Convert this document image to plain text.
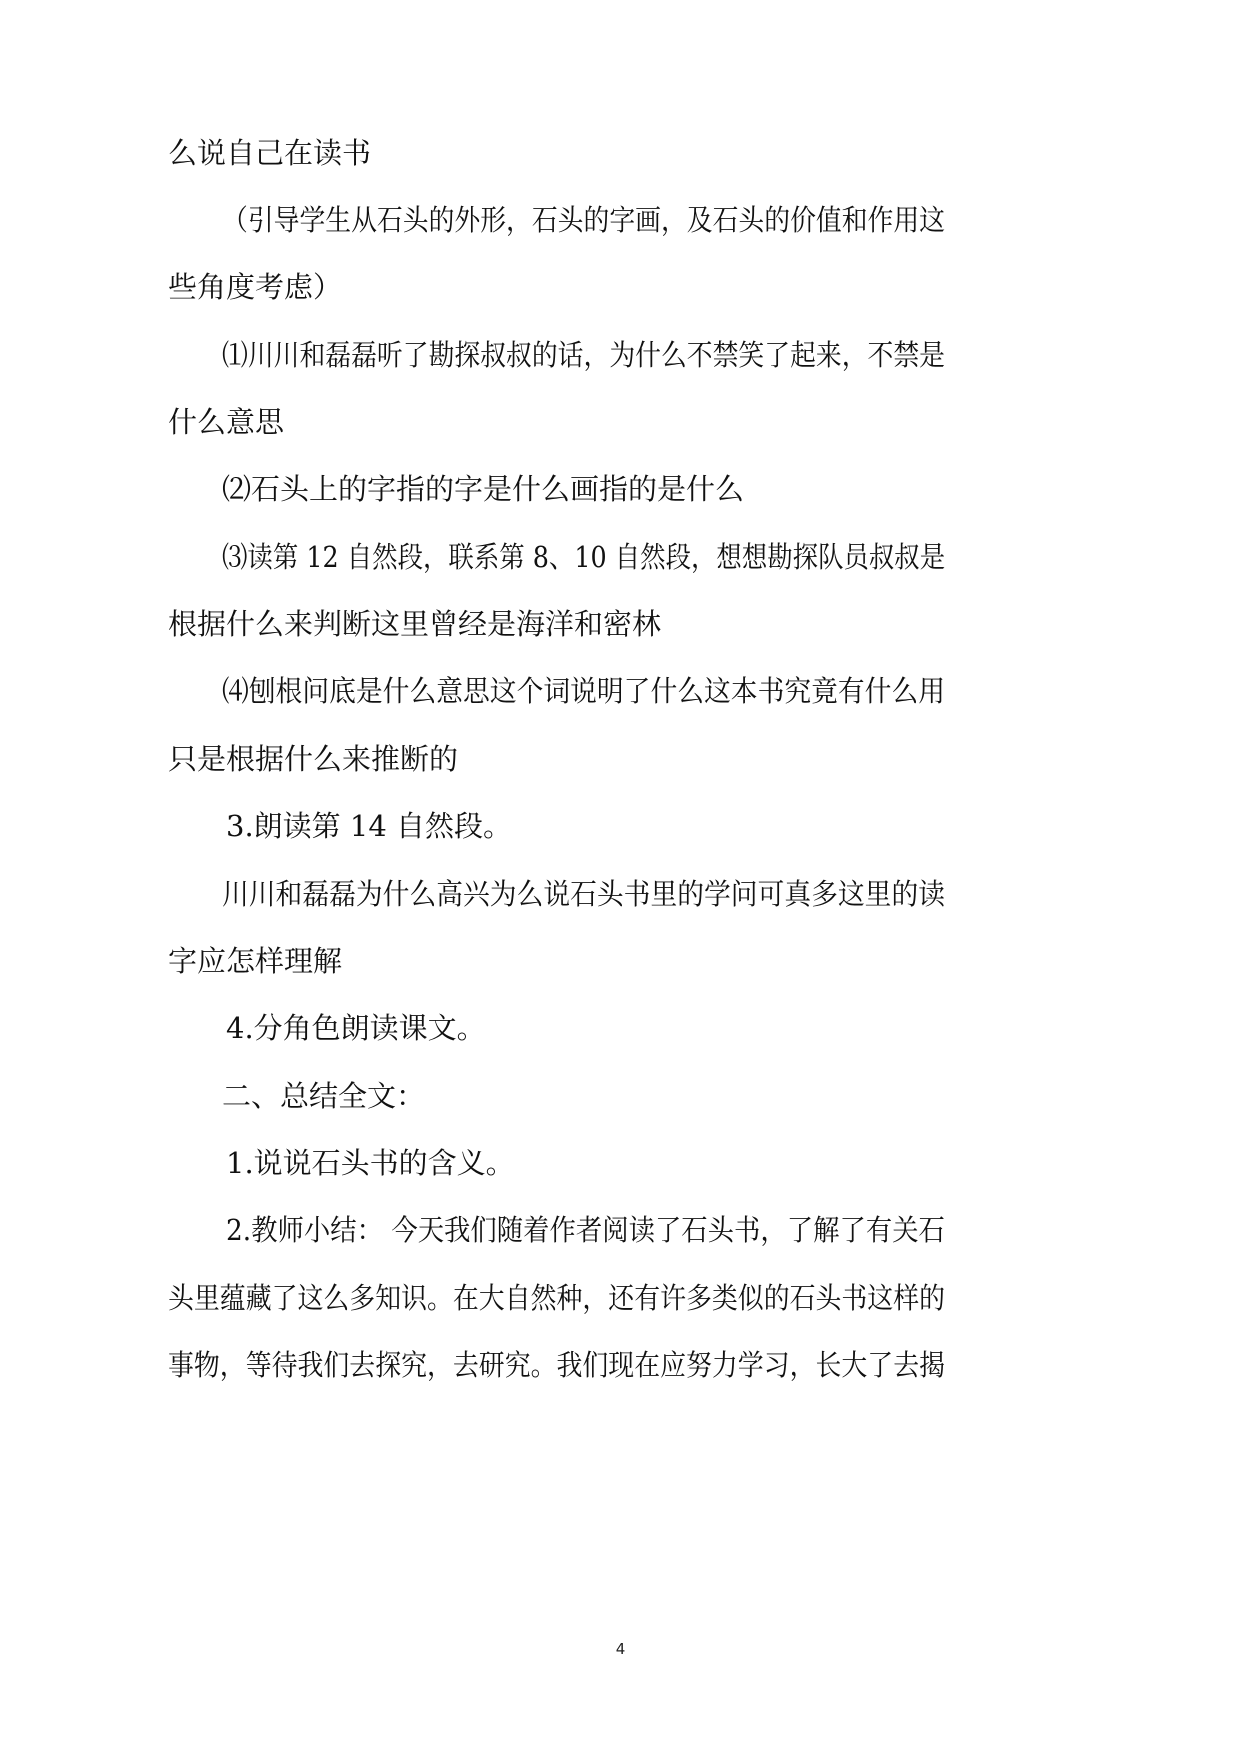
么说自己在读书
（引导学生从石头的外形，石头的字画，及石头的价值和作用这
些角度考虑）
⑴川川和磊磊听了勘探叔叔的话，为什么不禁笑了起来，不禁是
什么意思
⑵石头上的字指的字是什么画指的是什么
⑶读第 12 自然段，联系第 8、10 自然段，想想勘探队员叔叔是
根据什么来判断这里曾经是海洋和密林
⑷刨根问底是什么意思这个词说明了什么这本书究竟有什么用
只是根据什么来推断的
3.朗读第 14 自然段。
川川和磊磊为什么高兴为么说石头书里的学问可真多这里的读
字应怎样理解
4.分角色朗读课文。
二、总结全文：
1.说说石头书的含义。
2.教师小结： 今天我们随着作者阅读了石头书，了解了有关石
头里蕴藏了这么多知识。在大自然种，还有许多类似的石头书这样的
事物，等待我们去探究，去研究。我们现在应努力学习，长大了去揭
4
